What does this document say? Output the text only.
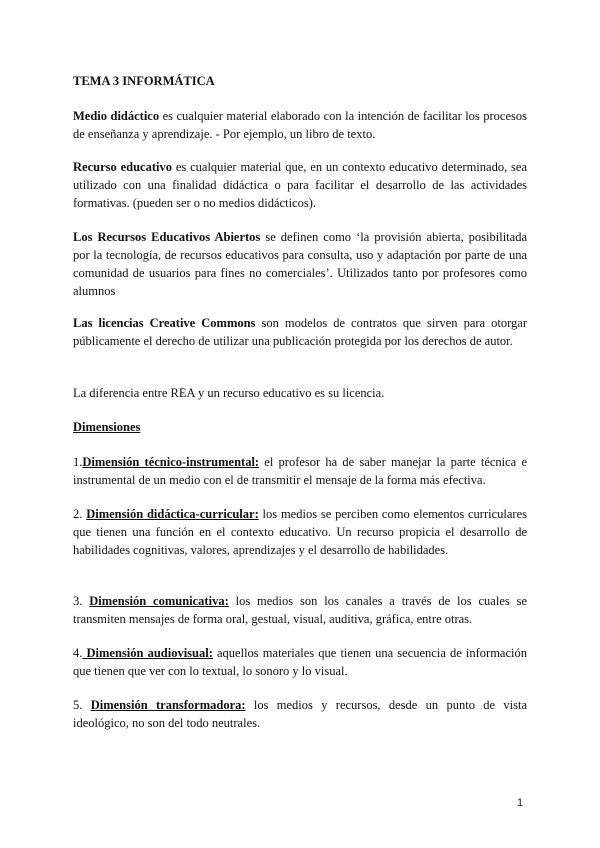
TEMA 3 INFORMÁTICA

Medio didáctico es cualquier material elaborado con la intención de facilitar los procesos de enseñanza y aprendizaje. - Por ejemplo, un libro de texto.

Recurso educativo es cualquier material que, en un contexto educativo determinado, sea utilizado con una finalidad didáctica o para facilitar el desarrollo de las actividades formativas. (pueden ser o no medios didácticos).

Los Recursos Educativos Abiertos se definen como ‘la provisión abierta, posibilitada por la tecnología, de recursos educativos para consulta, uso y adaptación por parte de una comunidad de usuarios para fines no comerciales’. Utilizados tanto por profesores como alumnos

Las licencias Creative Commons son modelos de contratos que sirven para otorgar públicamente el derecho de utilizar una publicación protegida por los derechos de autor.

La diferencia entre REA y un recurso educativo es su licencia.

Dimensiones

1.Dimensión técnico-instrumental: el profesor ha de saber manejar la parte técnica e instrumental de un medio con el de transmitir el mensaje de la forma más efectiva.

2. Dimensión didáctica-curricular: los medios se perciben como elementos curriculares que tienen una función en el contexto educativo. Un recurso propicia el desarrollo de habilidades cognitivas, valores, aprendizajes y el desarrollo de habilidades.

3. Dimensión comunicativa: los medios son los canales a través de los cuales se transmiten mensajes de forma oral, gestual, visual, auditiva, gráfica, entre otras.

4. Dimensión audiovisual: aquellos materiales que tienen una secuencia de información que tienen que ver con lo textual, lo sonoro y lo visual.

5. Dimensión transformadora: los medios y recursos, desde un punto de vista ideológico, no son del todo neutrales.

1
